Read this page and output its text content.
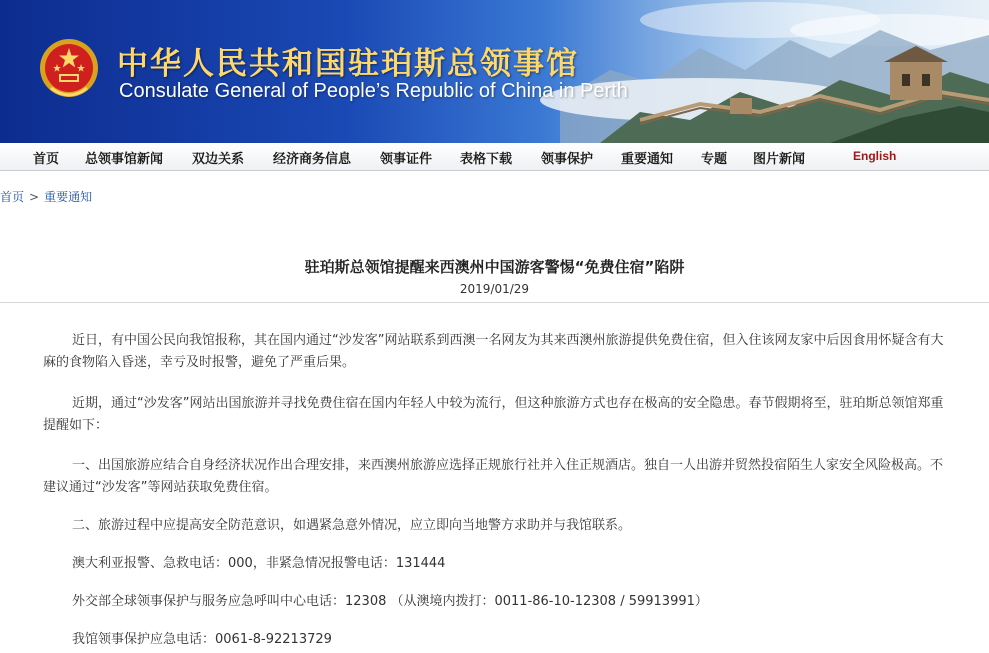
中华人民共和国驻珀斯总领事馆
Consulate General of People’s Republic of China in Perth
首页 总领事馆新闻 双边关系 经济商务信息 领事证件 表格下载 领事保护 重要通知 专题 图片新闻	English
首页 > 重要通知
驻珀斯总领馆提醒来西澳州中国游客警惕“免费住宿”陷阱
2019/01/29

近日，有中国公民向我馆报称，其在国内通过“沙发客”网站联系到西澳一名网友为其来西澳州旅游提供免费住宿，但入住该网友家中后因食用怀疑含有大麻的食物陷入昏迷，幸亏及时报警，避免了严重后果。

近期，通过“沙发客”网站出国旅游并寻找免费住宿在国内年轻人中较为流行，但这种旅游方式也存在极高的安全隐患。春节假期将至，驻珀斯总领馆郑重提醒如下：

一、出国旅游应结合自身经济状况作出合理安排，来西澳州旅游应选择正规旅行社并入住正规酒店。独自一人出游并贸然投宿陌生人家安全风险极高。不建议通过“沙发客”等网站获取免费住宿。

二、旅游过程中应提高安全防范意识，如遇紧急意外情况，应立即向当地警方求助并与我馆联系。

澳大利亚报警、急救电话：000，非紧急情况报警电话：131444

外交部全球领事保护与服务应急呼叫中心电话：12308 （从澳境内拨打：0011-86-10-12308 / 59913991）

我馆领事保护应急电话：0061-8-92213729
